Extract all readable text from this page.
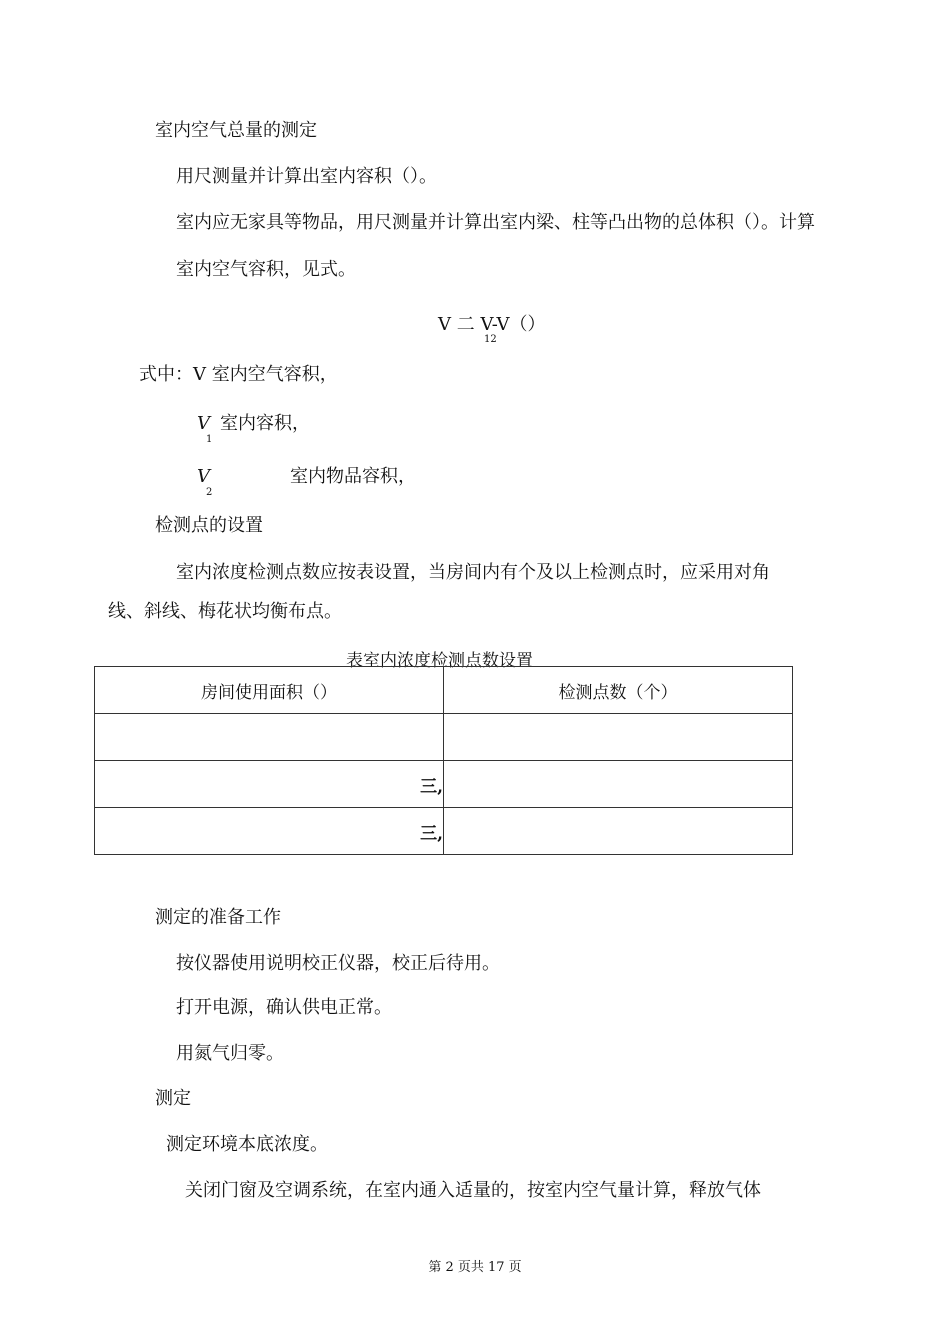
室内空气总量的测定
用尺测量并计算出室内容积（）。
室内应无家具等物品，用尺测量并计算出室内梁、柱等凸出物的总体积（）。计算
室内空气容积，见式。
V 二 V-V（）
12
式中：V 室内空气容积，
V
1
室内容积，
V
2
室内物品容积，
检测点的设置
室内浓度检测点数应按表设置，当房间内有个及以上检测点时，应采用对角
线、斜线、梅花状均衡布点。
表室内浓度检测点数设置
房间使用面积（）	检测点数（个）

三,	
三,	
测定的准备工作
按仪器使用说明校正仪器，校正后待用。
打开电源，确认供电正常。
用氮气归零。
测定
测定环境本底浓度。
关闭门窗及空调系统，在室内通入适量的，按室内空气量计算，释放气体
第 2 页共 17 页
